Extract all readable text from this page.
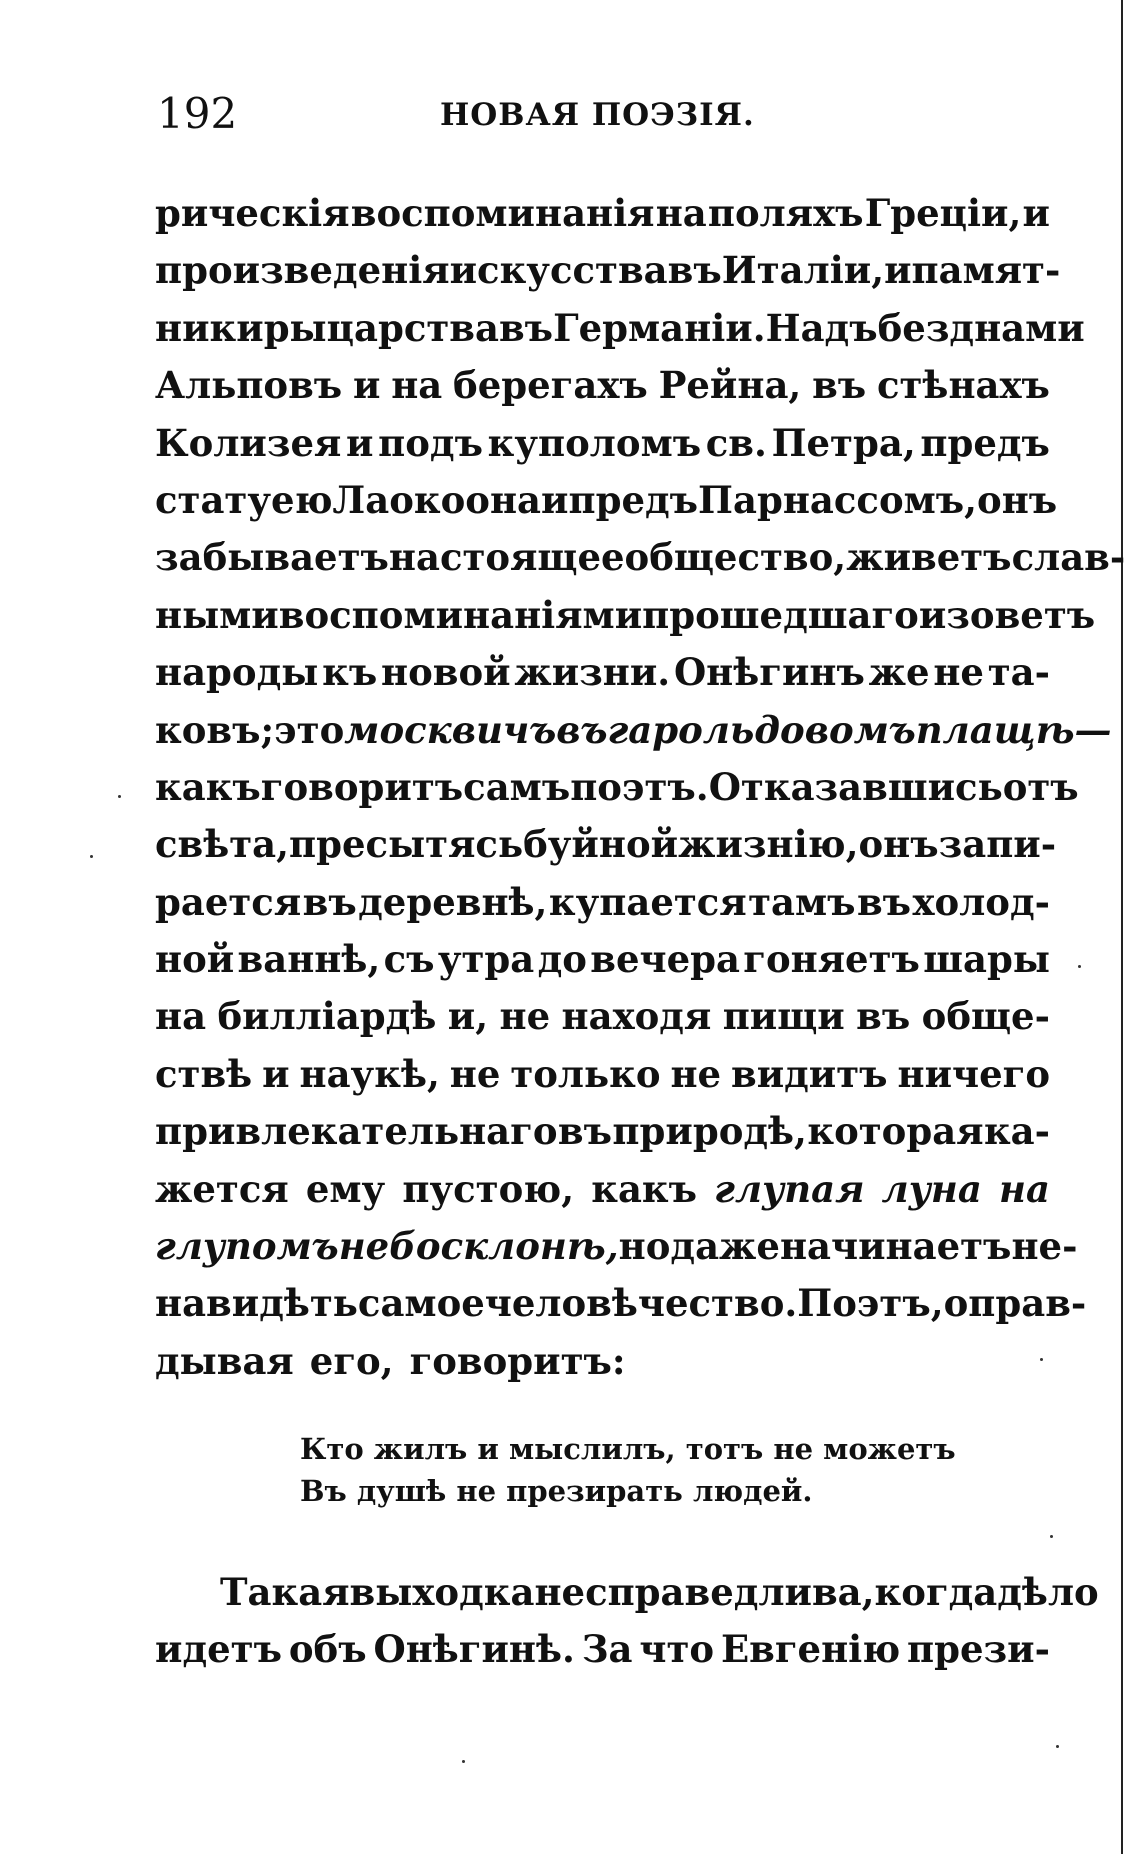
192	НОВАЯ ПОЭЗІЯ.
рическія воспоминанія на поляхъ Греціи, и
произведенія искусства въ Италіи, и памят-
ники рыцарства въ Германіи. Надъ безднами
Альповъ и на берегахъ Рейна, въ стѣнахъ
Колизея и подъ куполомъ св. Петра, предъ
статуею Лаокоона и предъ Парнассомъ, онъ
забываетъ настоящее общество, живетъ слав-
ными воспоминаніями прошедшаго и зоветъ
народы къ новой жизни. Онѣгинъ же не та-
ковъ; это москвичъ въ гарольдовомъ плащѣ—
какъ говоритъ самъ поэтъ. Отказавшись отъ
свѣта, пресытясь буйной жизнію, онъ запи-
рается въ деревнѣ, купается тамъ въ холод-
ной ваннѣ, съ утра до вечера гоняетъ шары
на билліардѣ и, не находя пищи въ обще-
ствѣ и наукѣ, не только не видитъ ничего
привлекательнаго въ природѣ, которая ка-
жется ему пустою, какъ глупая луна на
глупомъ небосклонѣ, но даже начинаетъ не-
навидѣть самое человѣчество. Поэтъ, оправ-
дывая его, говоритъ:
Кто жилъ и мыслилъ, тотъ не можетъ
Въ душѣ не презирать людей.
Такая выходка несправедлива, когда дѣло
идетъ объ Онѣгинѣ. За что Евгенію прези-
